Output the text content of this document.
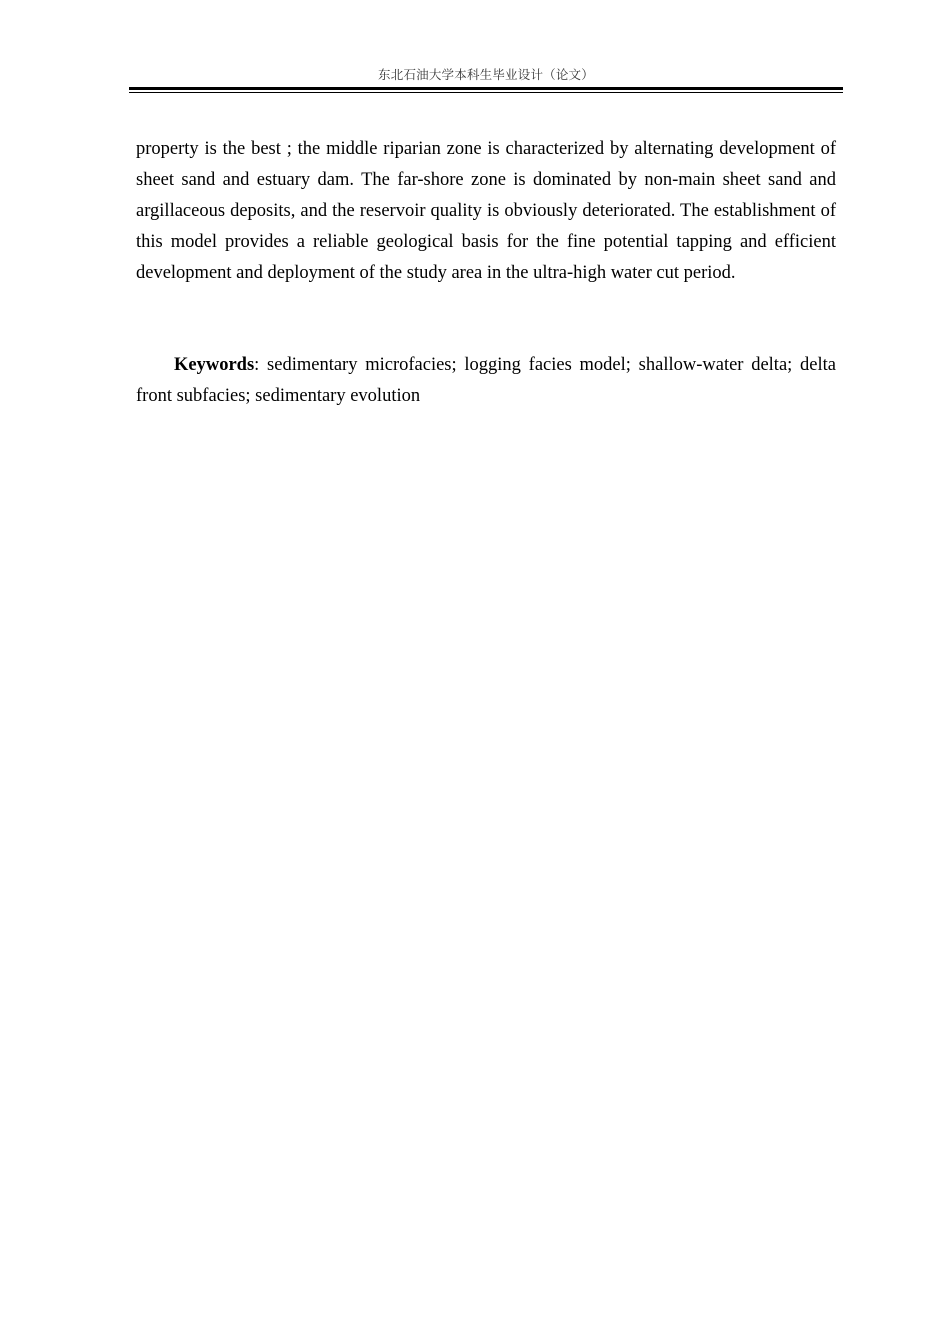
东北石油大学本科生毕业设计（论文）

property is the best ; the middle riparian zone is characterized by alternating development of sheet sand and estuary dam. The far-shore zone is dominated by non-main sheet sand and argillaceous deposits, and the reservoir quality is obviously deteriorated. The establishment of this model provides a reliable geological basis for the fine potential tapping and efficient development and deployment of the study area in the ultra-high water cut period.

Keywords: sedimentary microfacies; logging facies model; shallow-water delta; delta front subfacies; sedimentary evolution
